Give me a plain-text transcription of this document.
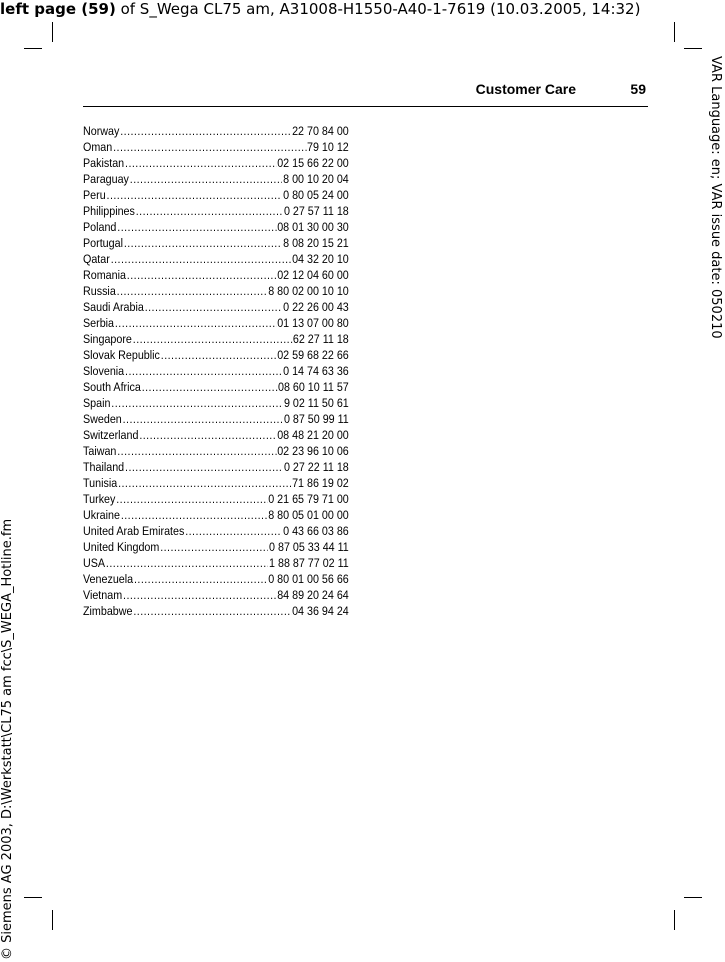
left page (59) of S_Wega CL75 am, A31008-H1550-A40-1-7619 (10.03.2005, 14:32)
VAR Language: en; VAR issue date: 050210
© Siemens AG 2003, D:\Werkstatt\CL75 am fcc\S_WEGA_Hotline.fm
Customer Care	59
Norway .....	22 70 84 00
Oman .....	79 10 12
Pakistan .....	02 15 66 22 00
Paraguay .....	8 00 10 20 04
Peru .....	0 80 05 24 00
Philippines .....	0 27 57 11 18
Poland .....	08 01 30 00 30
Portugal .....	8 08 20 15 21
Qatar .....	04 32 20 10
Romania .....	02 12 04 60 00
Russia .....	8 80 02 00 10 10
Saudi Arabia .....	0 22 26 00 43
Serbia .....	01 13 07 00 80
Singapore .....	62 27 11 18
Slovak Republic .....	02 59 68 22 66
Slovenia .....	0 14 74 63 36
South Africa .....	08 60 10 11 57
Spain .....	9 02 11 50 61
Sweden .....	0 87 50 99 11
Switzerland .....	08 48 21 20 00
Taiwan .....	02 23 96 10 06
Thailand .....	0 27 22 11 18
Tunisia .....	71 86 19 02
Turkey .....	0 21 65 79 71 00
Ukraine .....	8 80 05 01 00 00
United Arab Emirates .....	0 43 66 03 86
United Kingdom .....	0 87 05 33 44 11
USA .....	1 88 87 77 02 11
Venezuela .....	0 80 01 00 56 66
Vietnam .....	84 89 20 24 64
Zimbabwe .....	04 36 94 24
